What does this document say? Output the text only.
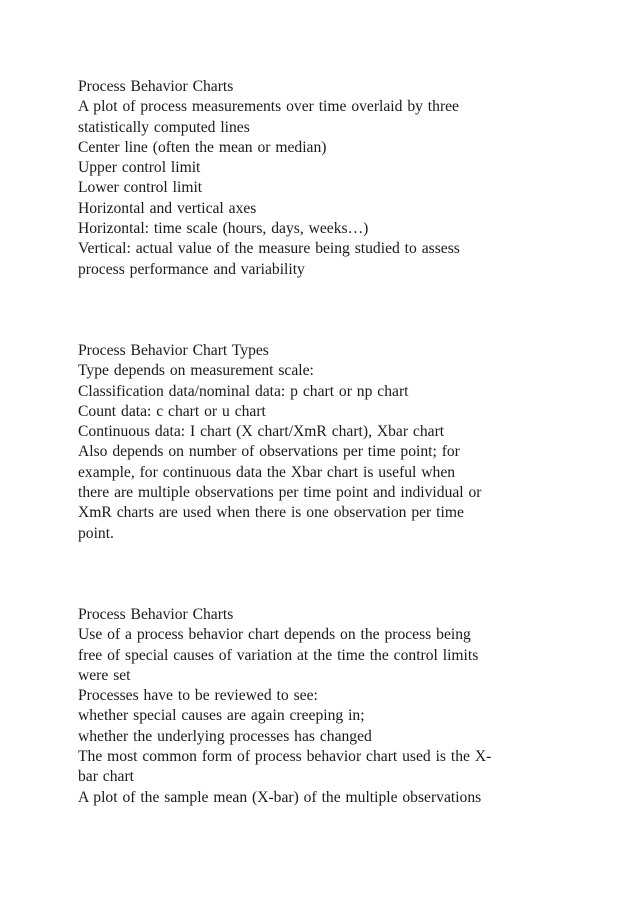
Process Behavior Charts
A plot of process measurements over time overlaid by three
statistically computed lines
Center line (often the mean or median)
Upper control limit
Lower control limit
Horizontal and vertical axes
Horizontal: time scale (hours, days, weeks…)
Vertical: actual value of the measure being studied to assess
process performance and variability
Process Behavior Chart Types
Type depends on measurement scale:
Classification data/nominal data: p chart or np chart
Count data: c chart or u chart
Continuous data: I chart (X chart/XmR chart), Xbar chart
Also depends on number of observations per time point; for
example, for continuous data the Xbar chart is useful when
there are multiple observations per time point and individual or
XmR charts are used when there is one observation per time
point.
Process Behavior Charts
Use of a process behavior chart depends on the process being
free of special causes of variation at the time the control limits
were set
Processes have to be reviewed to see:
whether special causes are again creeping in;
whether the underlying processes has changed
The most common form of process behavior chart used is the X-
bar chart
A plot of the sample mean (X-bar) of the multiple observations
